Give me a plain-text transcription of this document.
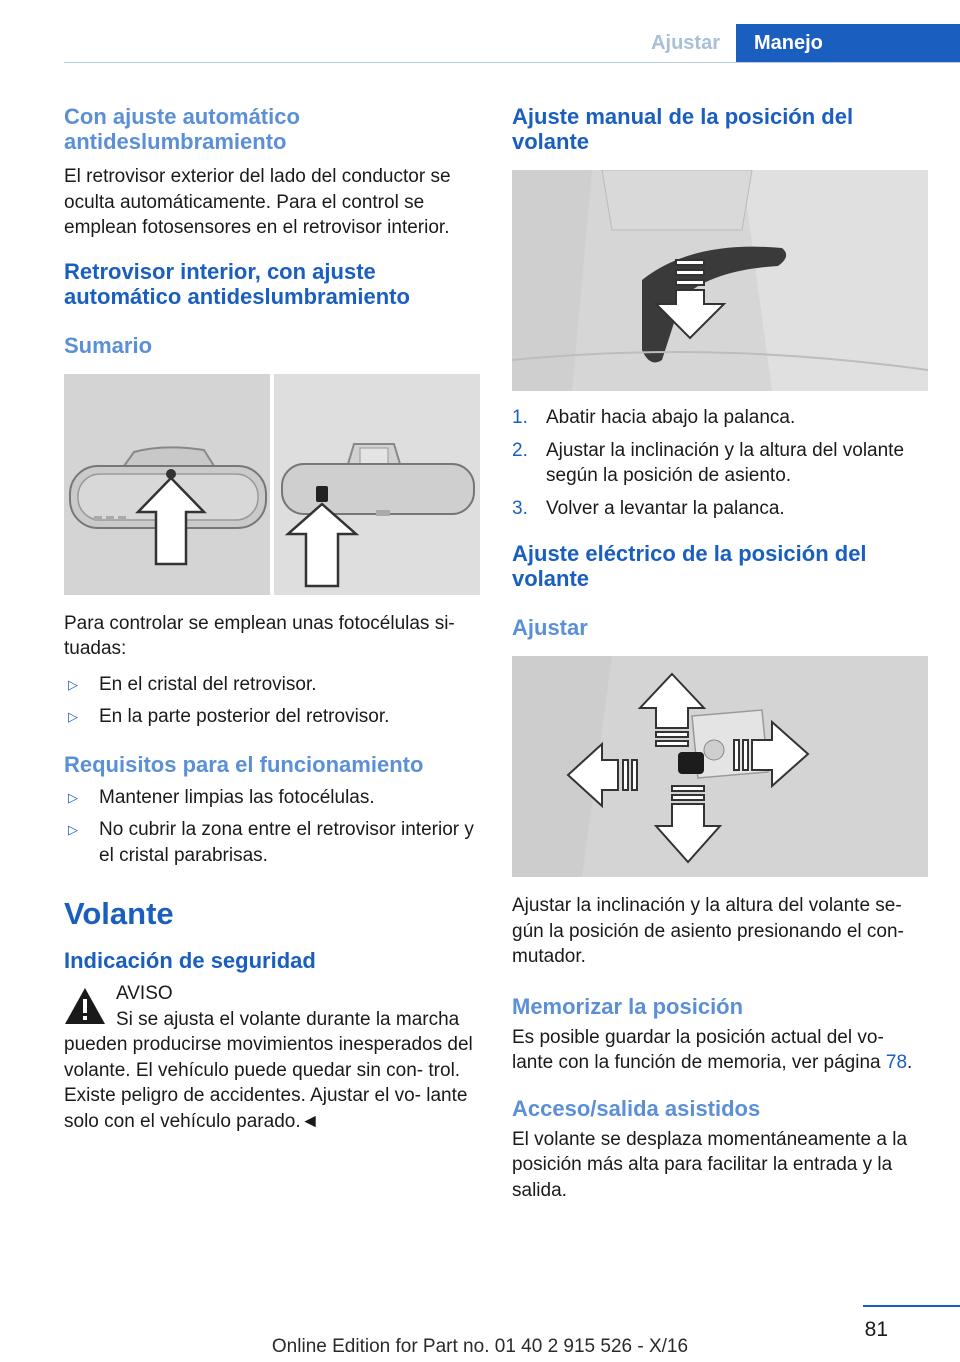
Ajustar	Manejo
Con ajuste automático antideslumbramiento

El retrovisor exterior del lado del conductor se oculta automáticamente. Para el control se emplean fotosensores en el retrovisor interior.

Retrovisor interior, con ajuste automático antideslumbramiento
Sumario

Para controlar se emplean unas fotocélulas si- tuadas:

▷ En el cristal del retrovisor.
▷ En la parte posterior del retrovisor.
Requisitos para el funcionamiento
▷ Mantener limpias las fotocélulas.
▷ No cubrir la zona entre el retrovisor interior y el cristal parabrisas.
Volante
Indicación de seguridad

AVISO

Si se ajusta el volante durante la marcha pueden producirse movimientos inesperados del volante. El vehículo puede quedar sin con- trol. Existe peligro de accidentes. Ajustar el vo- lante solo con el vehículo parado.◄

Ajuste manual de la posición del volante
1. Abatir hacia abajo la palanca.
2. Ajustar la inclinación y la altura del volante según la posición de asiento.
3. Volver a levantar la palanca.
Ajuste eléctrico de la posición del volante
Ajustar

Ajustar la inclinación y la altura del volante se- gún la posición de asiento presionando el con- mutador.

Memorizar la posición

Es posible guardar la posición actual del vo- lante con la función de memoria, ver página 78.

Acceso/salida asistidos

El volante se desplaza momentáneamente a la posición más alta para facilitar la entrada y la salida.

81
Online Edition for Part no. 01 40 2 915 526 - X/16
